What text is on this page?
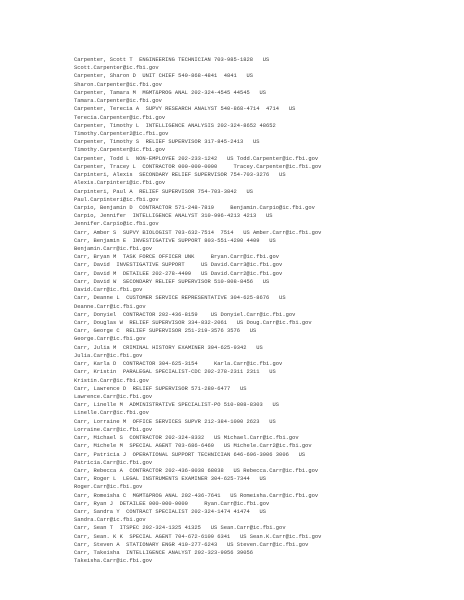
Carpenter, Scott T  ENGINEERING TECHNICIAN 703-985-1828   US
Scott.Carpenter@ic.fbi.gov
Carpenter, Sharon D  UNIT CHIEF 540-868-4841  4841   US
Sharon.Carpenter@ic.fbi.gov
Carpenter, Tamara M  MGMT&PROG ANAL 202-324-4545 44545   US
Tamara.Carpenter@ic.fbi.gov
Carpenter, Terecia A  SUPVY RESEARCH ANALYST 540-868-4714  4714   US
Terecia.Carpenter@ic.fbi.gov
Carpenter, Timothy L  INTELLIGENCE ANALYSIS 202-324-8652 48652
Timothy.Carpenter2@ic.fbi.gov
Carpenter, Timothy S  RELIEF SUPERVISOR 317-845-2413   US
Timothy.Carpenter@ic.fbi.gov
Carpenter, Todd L  NON-EMPLOYEE 202-233-1242   US Todd.Carpenter@ic.fbi.gov
Carpenter, Tracey L  CONTRACTOR 000-000-0000     Tracey.Carpenter@ic.fbi.gov
Carpinteri, Alexis  SECONDARY RELIEF SUPERVISOR 754-703-3276   US
Alexis.Carpinteri@ic.fbi.gov
Carpinteri, Paul A  RELIEF SUPERVISOR 754-703-3842   US
Paul.Carpinteri@ic.fbi.gov
Carpio, Benjamin D  CONTRACTOR 571-248-7819     Benjamin.Carpio@ic.fbi.gov
Carpio, Jennifer  INTELLIGENCE ANALYST 310-996-4213 4213   US
Jennifer.Carpio@ic.fbi.gov
Carr, Amber S  SUPVY BIOLOGIST 703-632-7514  7514   US Amber.Carr@ic.fbi.gov
Carr, Benjamin E  INVESTIGATIVE SUPPORT 803-551-4200 4409   US
Benjamin.Carr@ic.fbi.gov
Carr, Bryan M  TASK FORCE OFFICER UNK     Bryan.Carr@ic.fbi.gov
Carr, David  INVESTIGATIVE SUPPORT     US David.Carr3@ic.fbi.gov
Carr, David M  DETAILEE 202-278-4499   US David.Carr2@ic.fbi.gov
Carr, David W  SECONDARY RELIEF SUPERVISOR 510-808-8456   US
David.Carr@ic.fbi.gov
Carr, Deanne L  CUSTOMER SERVICE REPRESENTATIVE 304-625-8676   US
Deanne.Carr@ic.fbi.gov
Carr, Donyiel  CONTRACTOR 202-436-8159    US Donyiel.Carr@ic.fbi.gov
Carr, Douglas W  RELIEF SUPERVISOR 334-832-2061   US Doug.Carr@ic.fbi.gov
Carr, George C  RELIEF SUPERVISOR 251-219-3576 3576   US
George.Carr@ic.fbi.gov
Carr, Julia M  CRIMINAL HISTORY EXAMINER 304-625-9342   US
Julia.Carr@ic.fbi.gov
Carr, Karla D  CONTRACTOR 304-625-3154     Karla.Carr@ic.fbi.gov
Carr, Kristin  PARALEGAL SPECIALIST-CDC 202-278-2311 2311   US
Kristin.Carr@ic.fbi.gov
Carr, Lawrence D  RELIEF SUPERVISOR 571-280-6477   US
Lawrence.Carr@ic.fbi.gov
Carr, Linelle M  ADMINISTRATIVE SPECIALIST-PO 510-808-8303   US
Linelle.Carr@ic.fbi.gov
Carr, Lorraine M  OFFICE SERVICES SUPVR 212-384-1000 2623   US
Lorraine.Carr@ic.fbi.gov
Carr, Michael S  CONTRACTOR 202-324-8332   US Michael.Carr@ic.fbi.gov
Carr, Michele M  SPECIAL AGENT 703-686-6460   US Michele.Carr2@ic.fbi.gov
Carr, Patricia J  OPERATIONAL SUPPORT TECHNICIAN 646-696-3006 3006   US
Patricia.Carr@ic.fbi.gov
Carr, Rebecca A  CONTRACTOR 202-436-8038 68038   US Rebecca.Carr@ic.fbi.gov
Carr, Roger L  LEGAL INSTRUMENTS EXAMINER 304-625-7344   US
Roger.Carr@ic.fbi.gov
Carr, Romeisha C  MGMT&PROG ANAL 202-436-7641   US Romeisha.Carr@ic.fbi.gov
Carr, Ryan J  DETAILEE 000-000-0000     Ryan.Carr@ic.fbi.gov
Carr, Sandra Y  CONTRACT SPECIALIST 202-324-1474 41474   US
Sandra.Carr@ic.fbi.gov
Carr, Sean T  ITSPEC 202-324-1325 41325   US Sean.Carr@ic.fbi.gov
Carr, Sean. K K  SPECIAL AGENT 704-672-6100 6341   US Sean.K.Carr@ic.fbi.gov
Carr, Steven A  STATIONARY ENGR 410-277-6243   US Steven.Carr@ic.fbi.gov
Carr, Takeisha  INTELLIGENCE ANALYST 202-323-9056 39056
Takeisha.Carr@ic.fbi.gov
